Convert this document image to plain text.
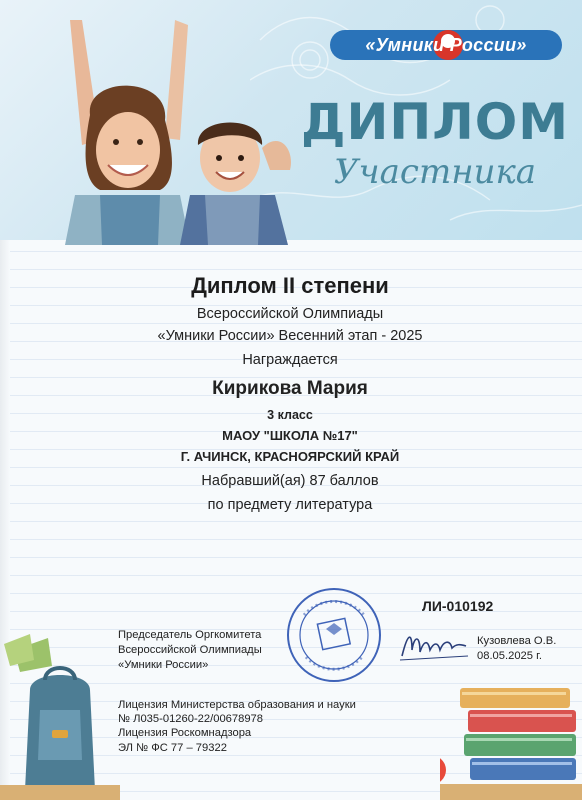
«Умники России»
ДИПЛОМ
Участника
Диплом II степени
Всероссийской Олимпиады
«Умники России» Весенний этап - 2025
Награждается
Кирикова Мария
3 класс
МАОУ "ШКОЛА №17"
Г. АЧИНСК, КРАСНОЯРСКИЙ КРАЙ
Набравший(ая) 87 баллов
по предмету литература
ЛИ-010192
Председатель Оргкомитета
Всероссийской Олимпиады
«Умники России»
Кузовлева О.В.
08.05.2025 г.
Лицензия Министерства образования и науки
№ Л035-01260-22/00678978
Лицензия Роскомнадзора
ЭЛ № ФС 77 – 79322
